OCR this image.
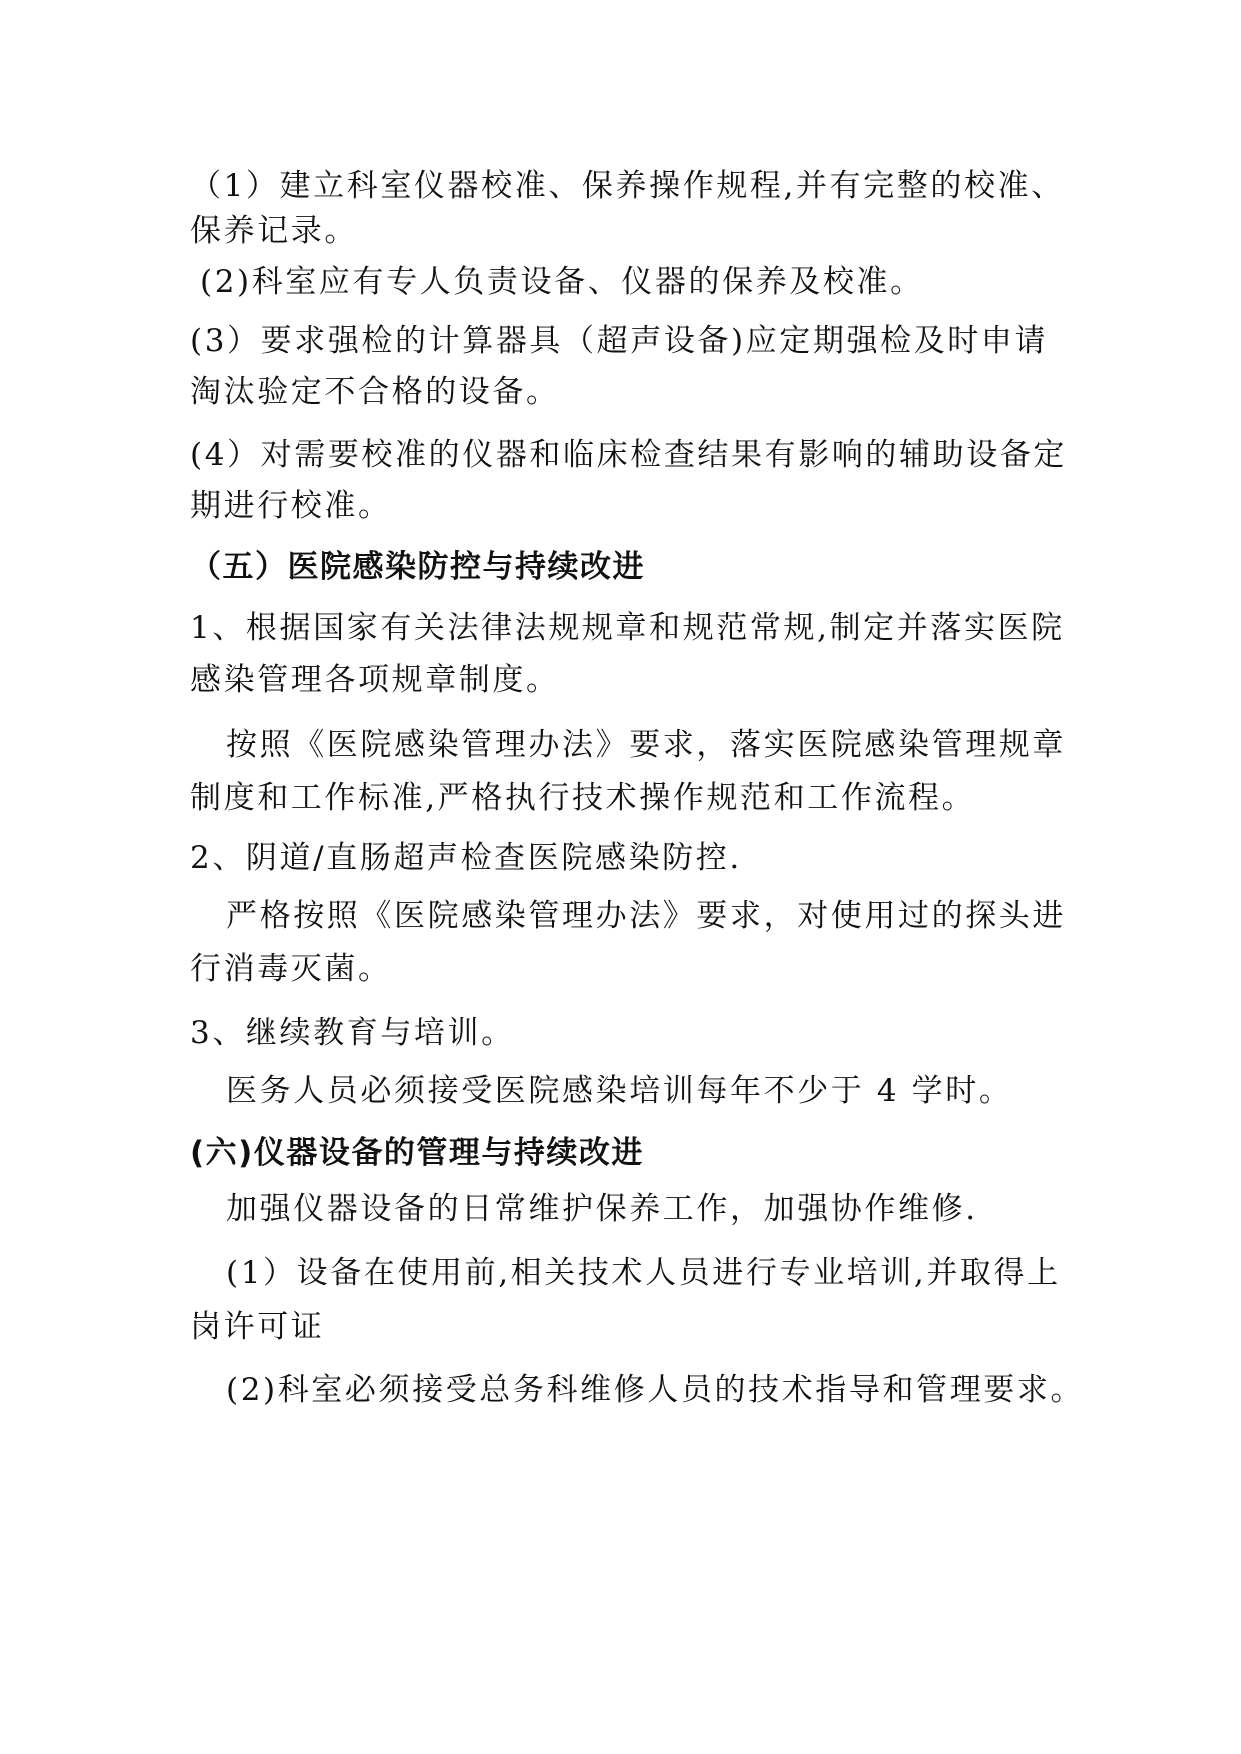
（1）建立科室仪器校准、保养操作规程,并有完整的校准、
保养记录。
(2)科室应有专人负责设备、仪器的保养及校准。
(3）要求强检的计算器具（超声设备)应定期强检及时申请
淘汰验定不合格的设备。
(4）对需要校准的仪器和临床检查结果有影响的辅助设备定
期进行校准。
（五）医院感染防控与持续改进
1、根据国家有关法律法规规章和规范常规,制定并落实医院
感染管理各项规章制度。
按照《医院感染管理办法》要求，落实医院感染管理规章
制度和工作标准,严格执行技术操作规范和工作流程。
2、阴道/直肠超声检查医院感染防控.
严格按照《医院感染管理办法》要求，对使用过的探头进
行消毒灭菌。
3、继续教育与培训。
医务人员必须接受医院感染培训每年不少于 4 学时。
(六)仪器设备的管理与持续改进
加强仪器设备的日常维护保养工作，加强协作维修.
(1）设备在使用前,相关技术人员进行专业培训,并取得上
岗许可证
(2)科室必须接受总务科维修人员的技术指导和管理要求。
